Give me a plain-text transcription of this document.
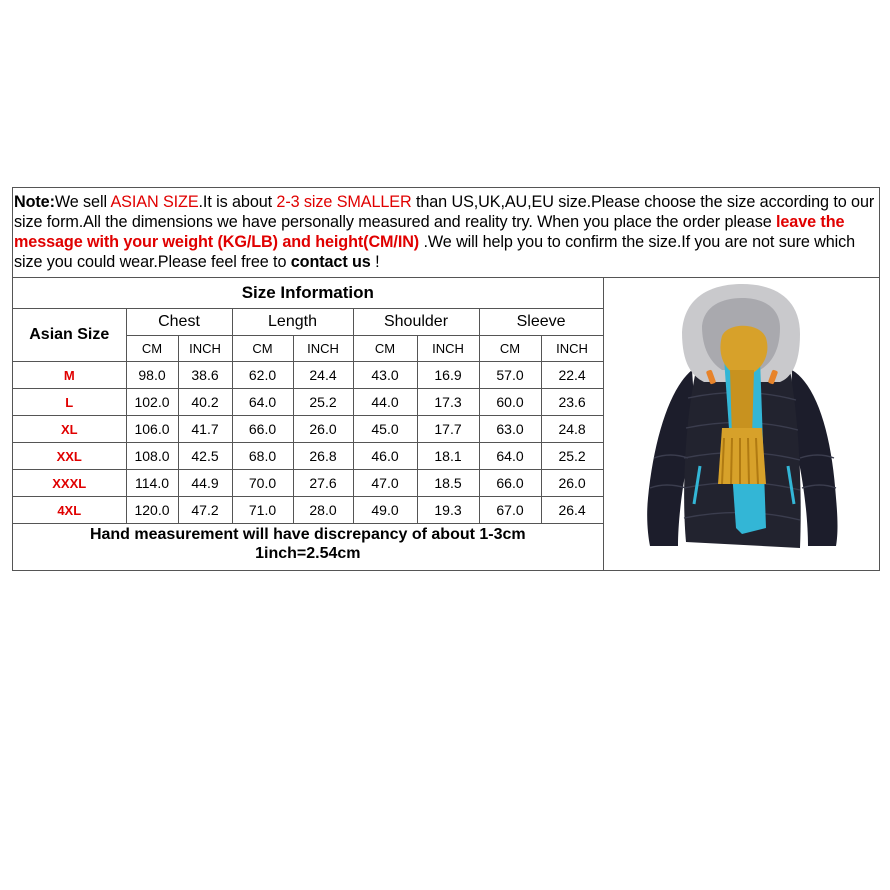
Note:We sell ASIAN SIZE.It is about 2-3 size SMALLER than US,UK,AU,EU size.Please choose the size according to our size form.All the dimensions we have personally measured and reality try. When you place the order please leave the message with your weight (KG/LB) and height(CM/IN) .We will help you to confirm the size.If you are not sure which size you could wear.Please feel free to contact us !
Size Information								
Asian Size	Chest		Length		Shoulder		Sleeve	
	CM	INCH	CM	INCH	CM	INCH	CM	INCH
M	98.0	38.6	62.0	24.4	43.0	16.9	57.0	22.4
L	102.0	40.2	64.0	25.2	44.0	17.3	60.0	23.6
XL	106.0	41.7	66.0	26.0	45.0	17.7	63.0	24.8
XXL	108.0	42.5	68.0	26.8	46.0	18.1	64.0	25.2
XXXL	114.0	44.9	70.0	27.6	47.0	18.5	66.0	26.0
4XL	120.0	47.2	71.0	28.0	49.0	19.3	67.0	26.4

Hand measurement will have discrepancy of about 1-3cm
1inch=2.54cm								
